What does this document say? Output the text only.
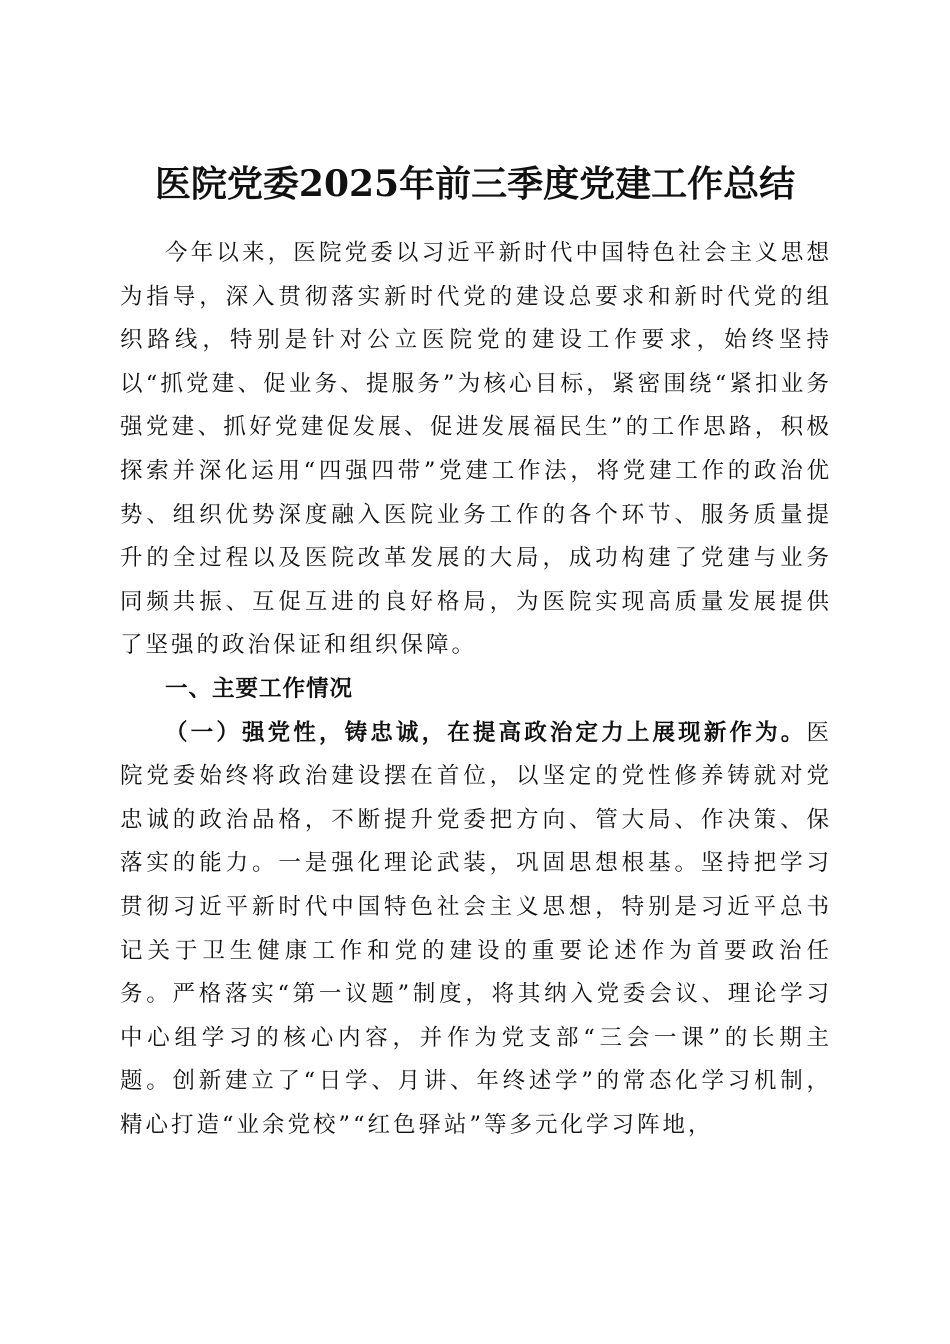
医院党委2025年前三季度党建工作总结

今年以来，医院党委以习近平新时代中国特色社会主义思想为指导，深入贯彻落实新时代党的建设总要求和新时代党的组织路线，特别是针对公立医院党的建设工作要求，始终坚持以“抓党建、促业务、提服务”为核心目标，紧密围绕“紧扣业务强党建、抓好党建促发展、促进发展福民生”的工作思路，积极探索并深化运用“四强四带”党建工作法，将党建工作的政治优势、组织优势深度融入医院业务工作的各个环节、服务质量提升的全过程以及医院改革发展的大局，成功构建了党建与业务同频共振、互促互进的良好格局，为医院实现高质量发展提供了坚强的政治保证和组织保障。

一、主要工作情况

（一）强党性，铸忠诚，在提高政治定力上展现新作为。医院党委始终将政治建设摆在首位，以坚定的党性修养铸就对党忠诚的政治品格，不断提升党委把方向、管大局、作决策、保落实的能力。一是强化理论武装，巩固思想根基。坚持把学习贯彻习近平新时代中国特色社会主义思想，特别是习近平总书记关于卫生健康工作和党的建设的重要论述作为首要政治任务。严格落实“第一议题”制度，将其纳入党委会议、理论学习中心组学习的核心内容，并作为党支部“三会一课”的长期主题。创新建立了“日学、月讲、年终述学”的常态化学习机制，精心打造“业余党校”“红色驿站”等多元化学习阵地，
